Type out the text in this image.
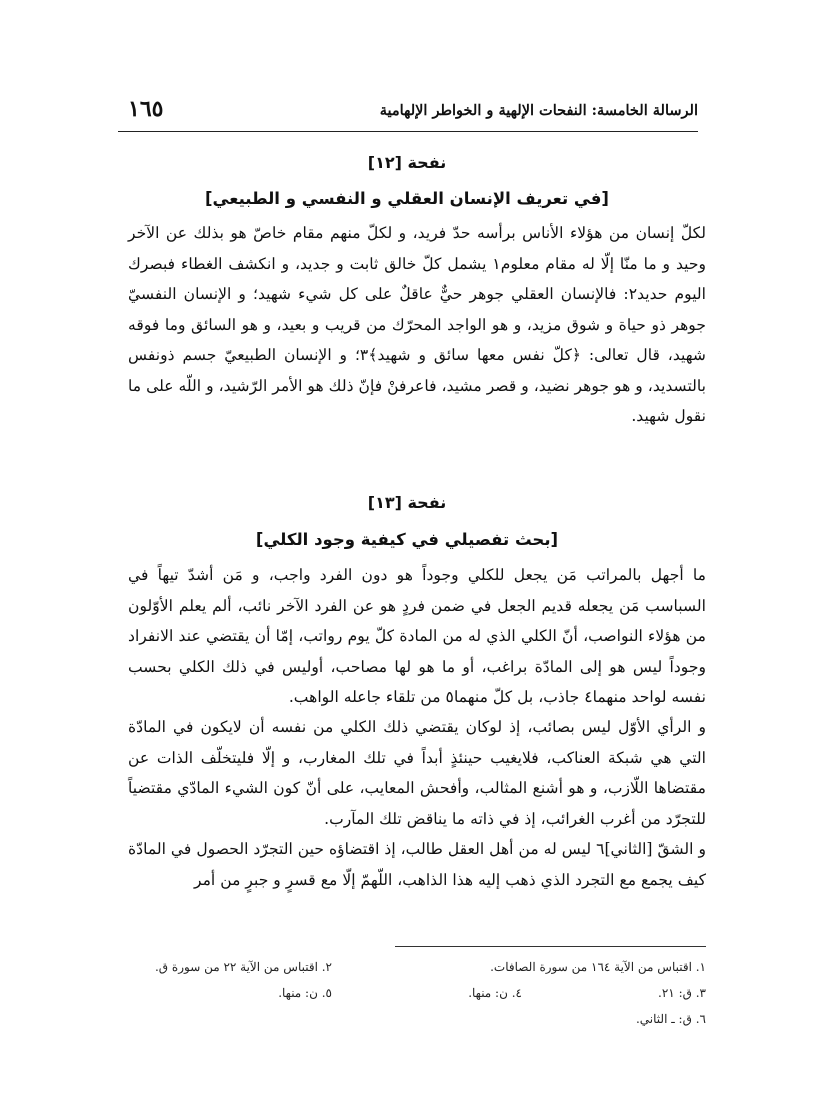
الرسالة الخامسة: النفحات الإلهية و الخواطر الإلهامية
١٦٥
نفحة [١٢]
[في تعريف الإنسان العقلي و النفسي و الطبيعي]
لكلّ إنسان من هؤلاء الأناس برأسه حدّ فريد، و لكلّ منهم مقام خاصّ هو بذلك عن الآخر وحيد و ما منّا إلّا له مقام معلوم١ يشمل كلّ خالق ثابت و جديد، و انكشف الغطاء فبصرك اليوم حديد٢: فالإنسان العقلي جوهر حيٌّ عاقلٌ على كل شيء شهيد؛ و الإنسان النفسيّ جوهر ذو حياة و شوق مزيد، و هو الواجد المحرّك من قريب و بعيد، و هو السائق وما فوقه شهيد، قال تعالى: ﴿كلّ نفس معها سائق و شهيد﴾٣؛ و الإنسان الطبيعيّ جسم ذونفس بالتسديد، و هو جوهر نضيد، و قصر مشيد، فاعرفنْ فإنّ ذلك هو الأمر الرّشيد، و اللّه على ما نقول شهيد.
نفحة [١٣]
[بحث تفصيلي في كيفية وجود الكلي]
ما أجهل بالمراتب مَن يجعل للكلي وجوداً هو دون الفرد واجب، و مَن أشدّ تيهاً في السباسب مَن يجعله قديم الجعل في ضمن فردٍ هو عن الفرد الآخر نائب، ألم يعلم الأوّلون من هؤلاء النواصب، أنّ الكلي الذي له من المادة كلّ يوم رواتب، إمّا أن يقتضي عند الانفراد وجوداً ليس هو إلى المادّة براغب، أو ما هو لها مصاحب، أوليس في ذلك الكلي بحسب نفسه لواحد منهما٤ جاذب، بل كلّ منهما٥ من تلقاء جاعله الواهب.
و الرأي الأوّل ليس بصائب، إذ لوكان يقتضي ذلك الكلي من نفسه أن لايكون في المادّة التي هي شبكة العناكب، فلايغيب حينئذٍ أبداً في تلك المغارب، و إلّا فليتخلّف الذات عن مقتضاها اللّازب، و هو أشنع المثالب، وأفحش المعايب، على أنّ كون الشيء المادّي مقتضياً للتجرّد من أغرب الغرائب، إذ في ذاته ما يناقض تلك المآرب.
و الشقّ [الثاني]٦ ليس له من أهل العقل طالب، إذ اقتضاؤه حين التجرّد الحصول في المادّة كيف يجمع مع التجرد الذي ذهب إليه هذا الذاهب، اللّهمّ إلّا مع قسرٍ و جبرٍ من أمر
١. اقتباس من الآية ١٦٤ من سورة الصافات.
٢. اقتباس من الآية ٢٢ من سورة ق.
٣. ق: ٢١.
٤. ن: منها.
٥. ن: منها.
٦. ق: ـ الثاني.
